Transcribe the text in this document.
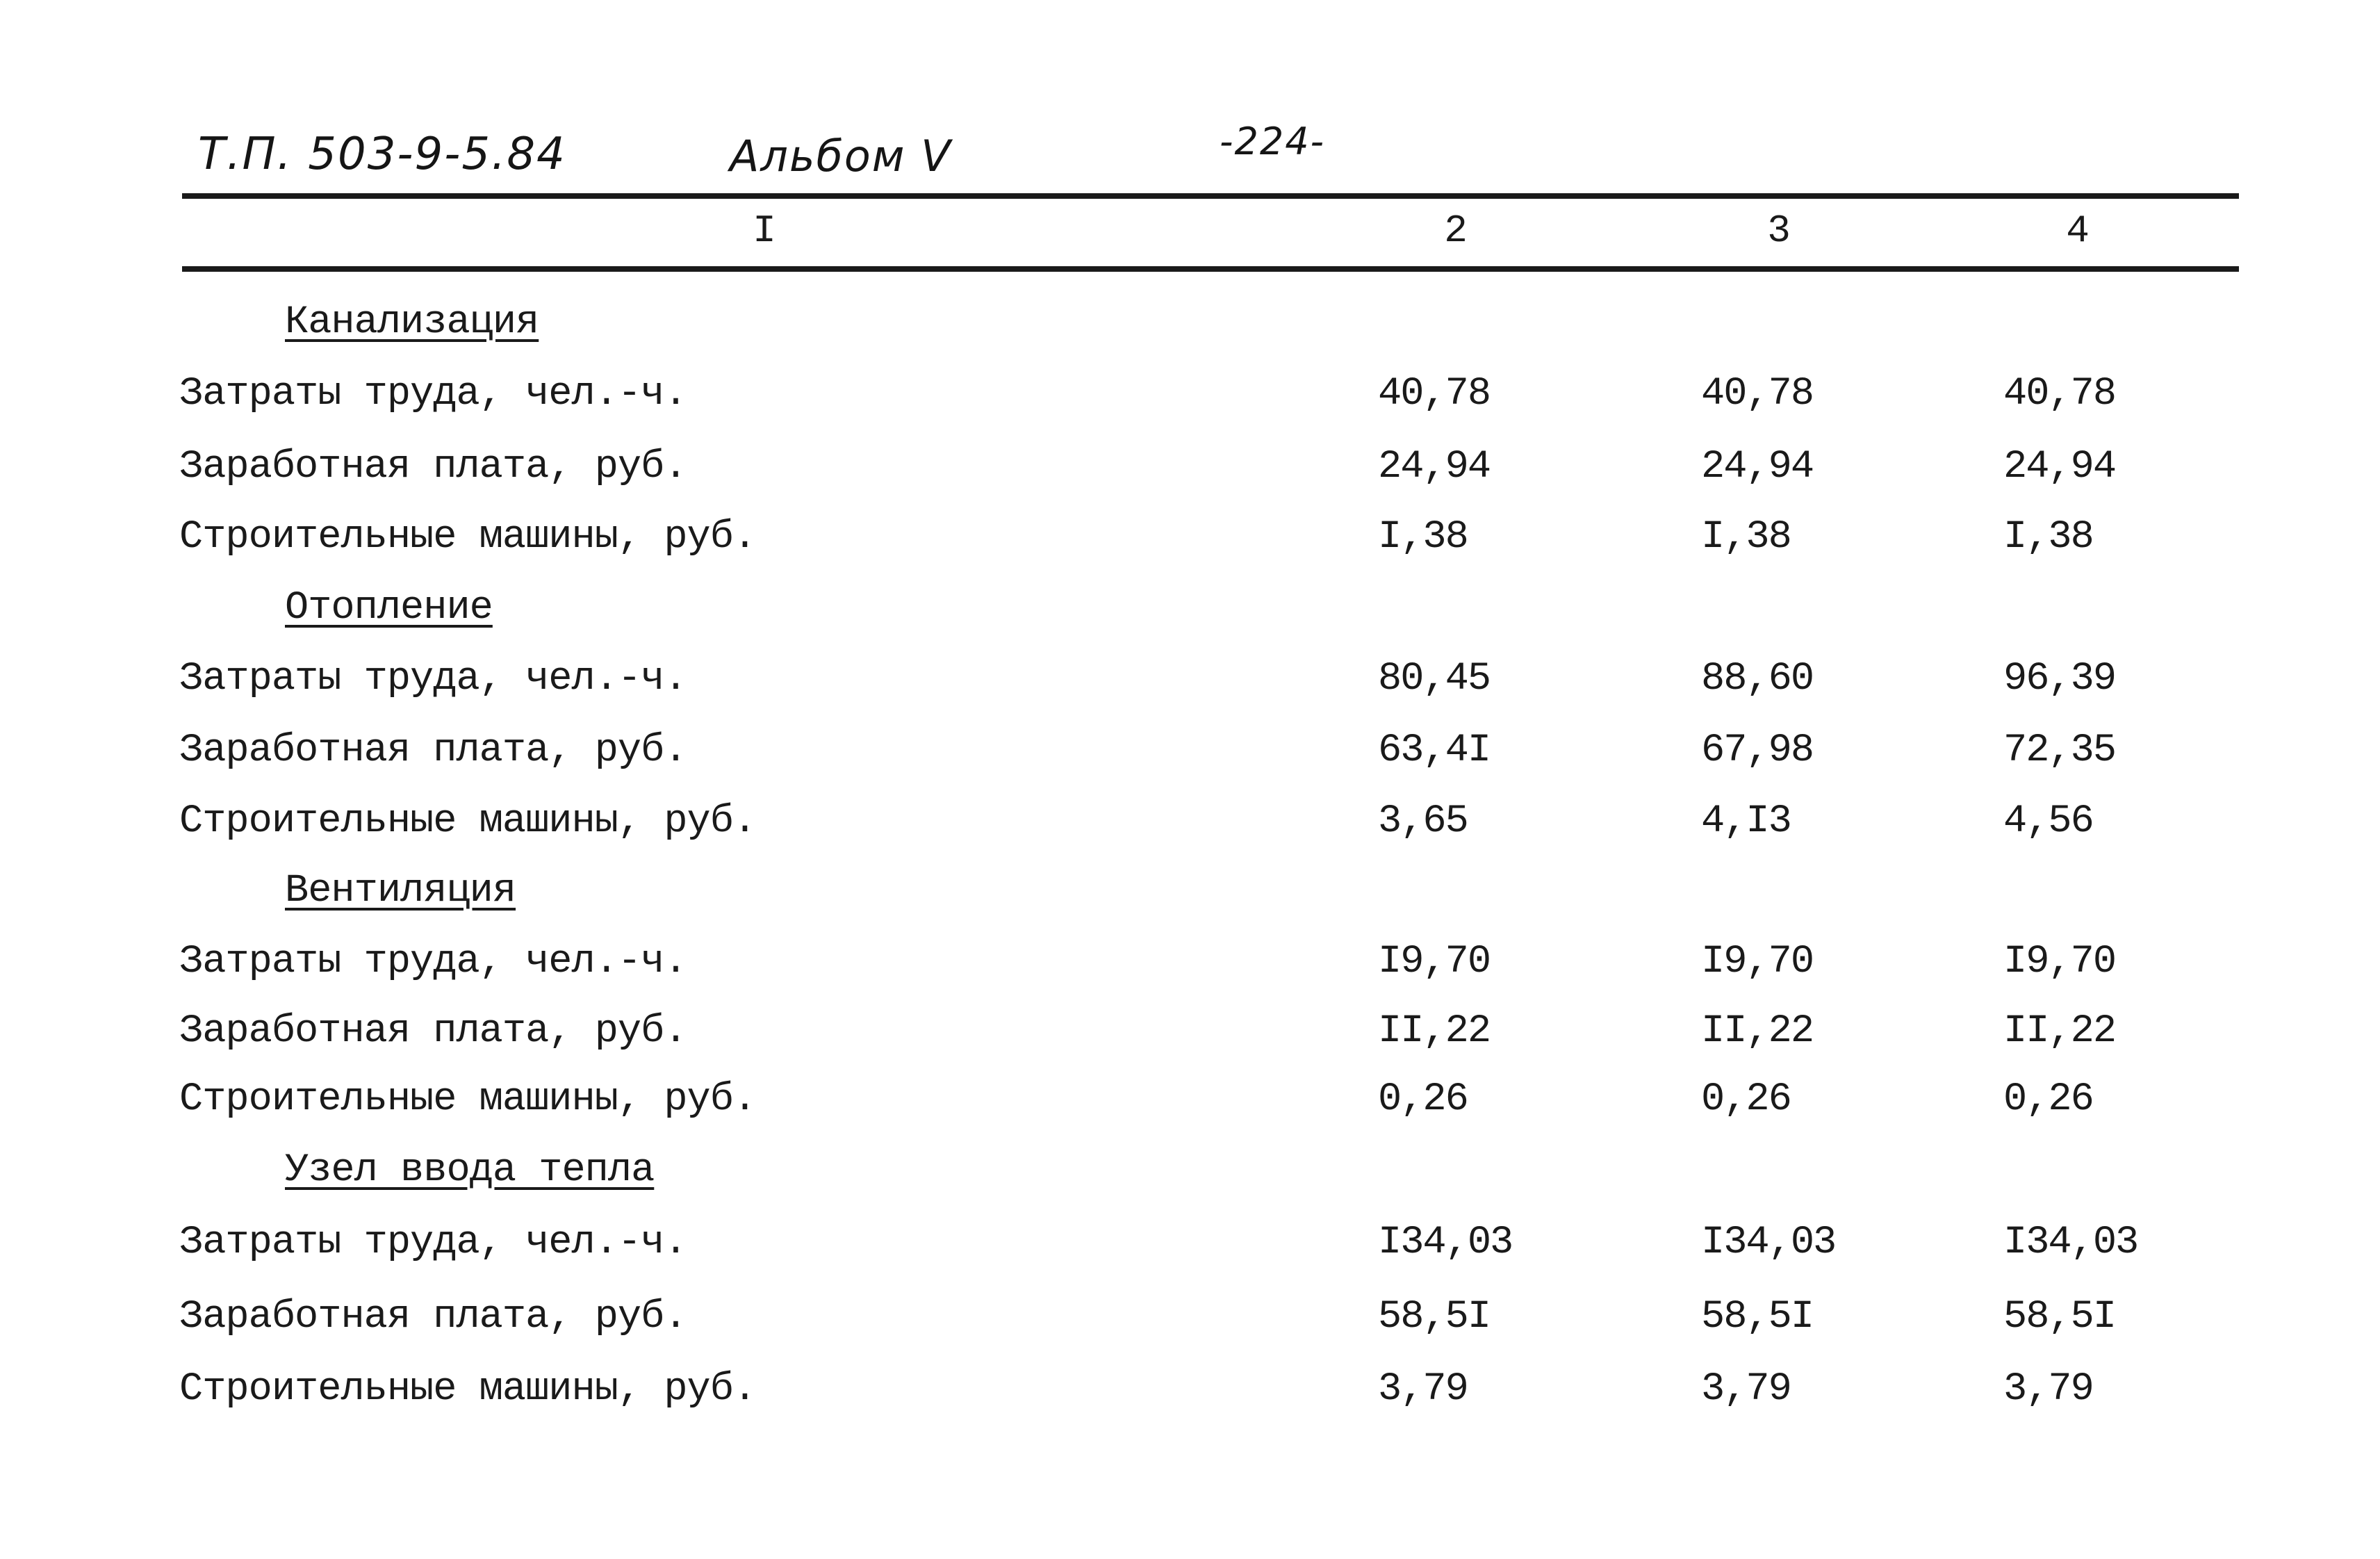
Т.П. 503-9-5.84	Альбом V	-224-
I	2	3	4
Канализация
Затраты труда, чел.-ч.	40,78	40,78	40,78
Заработная плата, руб.	24,94	24,94	24,94
Строительные машины, руб.	I,38	I,38	I,38
Отопление
Затраты труда, чел.-ч.	80,45	88,60	96,39
Заработная плата, руб.	63,4I	67,98	72,35
Строительные машины, руб.	3,65	4,I3	4,56
Вентиляция
Затраты труда, чел.-ч.	I9,70	I9,70	I9,70
Заработная плата, руб.	II,22	II,22	II,22
Строительные машины, руб.	0,26	0,26	0,26
Узел ввода тепла
Затраты труда, чел.-ч.	I34,03	I34,03	I34,03
Заработная плата, руб.	58,5I	58,5I	58,5I
Строительные машины, руб.	3,79	3,79	3,79
